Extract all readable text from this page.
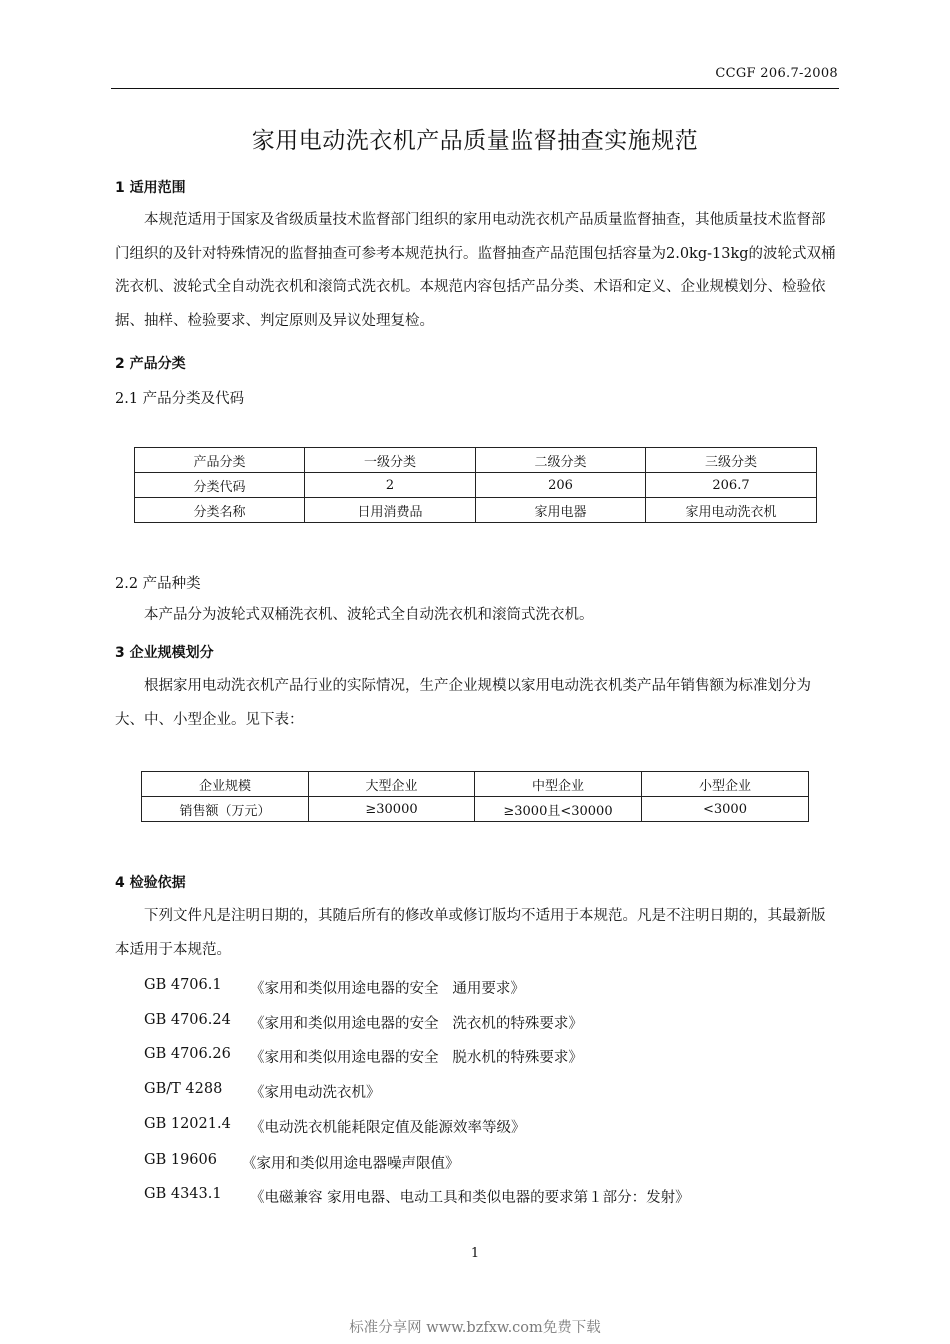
CCGF 206.7-2008
家用电动洗衣机产品质量监督抽查实施规范
1 适用范围
本规范适用于国家及省级质量技术监督部门组织的家用电动洗衣机产品质量监督抽查，其他质量技术监督部门组织的及针对特殊情况的监督抽查可参考本规范执行。监督抽查产品范围包括容量为2.0kg-13kg的波轮式双桶洗衣机、波轮式全自动洗衣机和滚筒式洗衣机。本规范内容包括产品分类、术语和定义、企业规模划分、检验依据、抽样、检验要求、判定原则及异议处理复检。
2 产品分类
2.1 产品分类及代码
产品分类	一级分类	二级分类	三级分类
分类代码	2	206	206.7
分类名称	日用消费品	家用电器	家用电动洗衣机
2.2 产品种类
本产品分为波轮式双桶洗衣机、波轮式全自动洗衣机和滚筒式洗衣机。
3 企业规模划分
根据家用电动洗衣机产品行业的实际情况，生产企业规模以家用电动洗衣机类产品年销售额为标准划分为大、中、小型企业。见下表：
企业规模	大型企业	中型企业	小型企业
销售额（万元）	≥30000	≥3000且<30000	<3000
4 检验依据
下列文件凡是注明日期的，其随后所有的修改单或修订版均不适用于本规范。凡是不注明日期的，其最新版本适用于本规范。
GB 4706.1 《家用和类似用途电器的安全   通用要求》
GB 4706.24 《家用和类似用途电器的安全   洗衣机的特殊要求》
GB 4706.26 《家用和类似用途电器的安全   脱水机的特殊要求》
GB/T 4288 《家用电动洗衣机》
GB 12021.4 《电动洗衣机能耗限定值及能源效率等级》
GB 19606 《家用和类似用途电器噪声限值》
GB 4343.1 《电磁兼容 家用电器、电动工具和类似电器的要求第１部分：发射》
1
标准分享网 www.bzfxw.com免费下载
